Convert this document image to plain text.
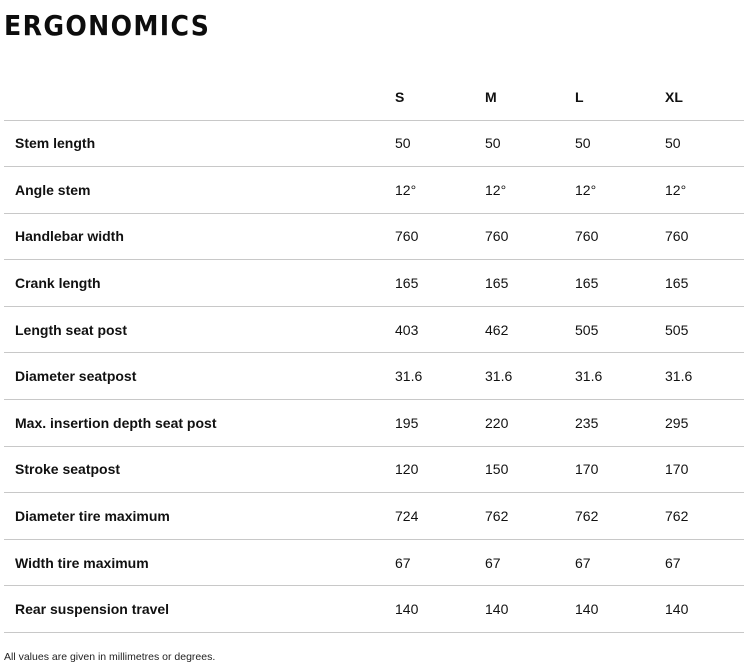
ERGONOMICS
	S	M	L	XL
Stem length	50	50	50	50
Angle stem	12°	12°	12°	12°
Handlebar width	760	760	760	760
Crank length	165	165	165	165
Length seat post	403	462	505	505
Diameter seatpost	31.6	31.6	31.6	31.6
Max. insertion depth seat post	195	220	235	295
Stroke seatpost	120	150	170	170
Diameter tire maximum	724	762	762	762
Width tire maximum	67	67	67	67
Rear suspension travel	140	140	140	140

All values are given in millimetres or degrees.
